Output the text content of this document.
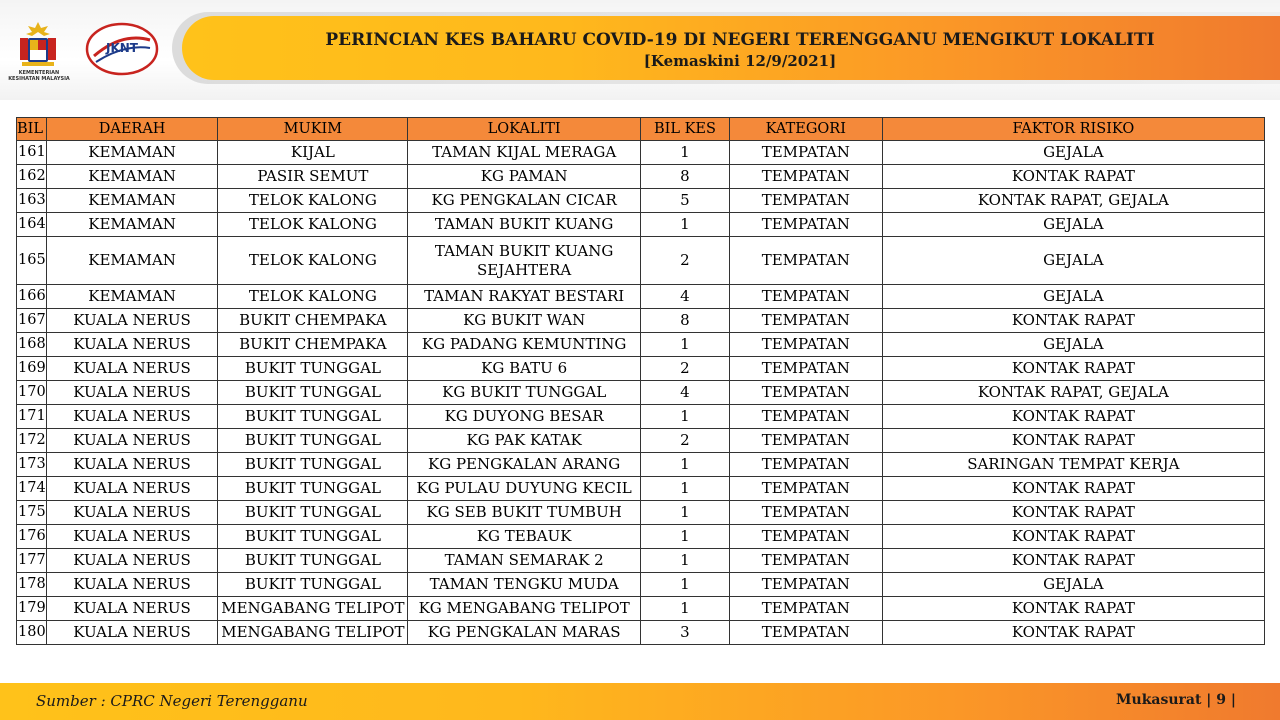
KEMENTERIAN KESIHATAN MALAYSIA
JKNT	PERINCIAN KES BAHARU COVID-19 DI NEGERI TERENGGANU MENGIKUT LOKALITI
[Kemaskini 12/9/2021]
BIL	DAERAH	MUKIM	LOKALITI	BIL KES	KATEGORI	FAKTOR RISIKO
161	KEMAMAN	KIJAL	TAMAN KIJAL MERAGA	1	TEMPATAN	GEJALA
162	KEMAMAN	PASIR SEMUT	KG PAMAN	8	TEMPATAN	KONTAK RAPAT
163	KEMAMAN	TELOK KALONG	KG PENGKALAN CICAR	5	TEMPATAN	KONTAK RAPAT, GEJALA
164	KEMAMAN	TELOK KALONG	TAMAN BUKIT KUANG	1	TEMPATAN	GEJALA
165	KEMAMAN	TELOK KALONG	TAMAN BUKIT KUANG SEJAHTERA	2	TEMPATAN	GEJALA
166	KEMAMAN	TELOK KALONG	TAMAN RAKYAT BESTARI	4	TEMPATAN	GEJALA
167	KUALA NERUS	BUKIT CHEMPAKA	KG BUKIT WAN	8	TEMPATAN	KONTAK RAPAT
168	KUALA NERUS	BUKIT CHEMPAKA	KG PADANG KEMUNTING	1	TEMPATAN	GEJALA
169	KUALA NERUS	BUKIT TUNGGAL	KG BATU 6	2	TEMPATAN	KONTAK RAPAT
170	KUALA NERUS	BUKIT TUNGGAL	KG BUKIT TUNGGAL	4	TEMPATAN	KONTAK RAPAT, GEJALA
171	KUALA NERUS	BUKIT TUNGGAL	KG DUYONG BESAR	1	TEMPATAN	KONTAK RAPAT
172	KUALA NERUS	BUKIT TUNGGAL	KG PAK KATAK	2	TEMPATAN	KONTAK RAPAT
173	KUALA NERUS	BUKIT TUNGGAL	KG PENGKALAN ARANG	1	TEMPATAN	SARINGAN TEMPAT KERJA
174	KUALA NERUS	BUKIT TUNGGAL	KG PULAU DUYUNG KECIL	1	TEMPATAN	KONTAK RAPAT
175	KUALA NERUS	BUKIT TUNGGAL	KG SEB BUKIT TUMBUH	1	TEMPATAN	KONTAK RAPAT
176	KUALA NERUS	BUKIT TUNGGAL	KG TEBAUK	1	TEMPATAN	KONTAK RAPAT
177	KUALA NERUS	BUKIT TUNGGAL	TAMAN SEMARAK 2	1	TEMPATAN	KONTAK RAPAT
178	KUALA NERUS	BUKIT TUNGGAL	TAMAN TENGKU MUDA	1	TEMPATAN	GEJALA
179	KUALA NERUS	MENGABANG TELIPOT	KG MENGABANG TELIPOT	1	TEMPATAN	KONTAK RAPAT
180	KUALA NERUS	MENGABANG TELIPOT	KG PENGKALAN MARAS	3	TEMPATAN	KONTAK RAPAT
Sumber : CPRC Negeri Terengganu	Mukasurat | 9 |
